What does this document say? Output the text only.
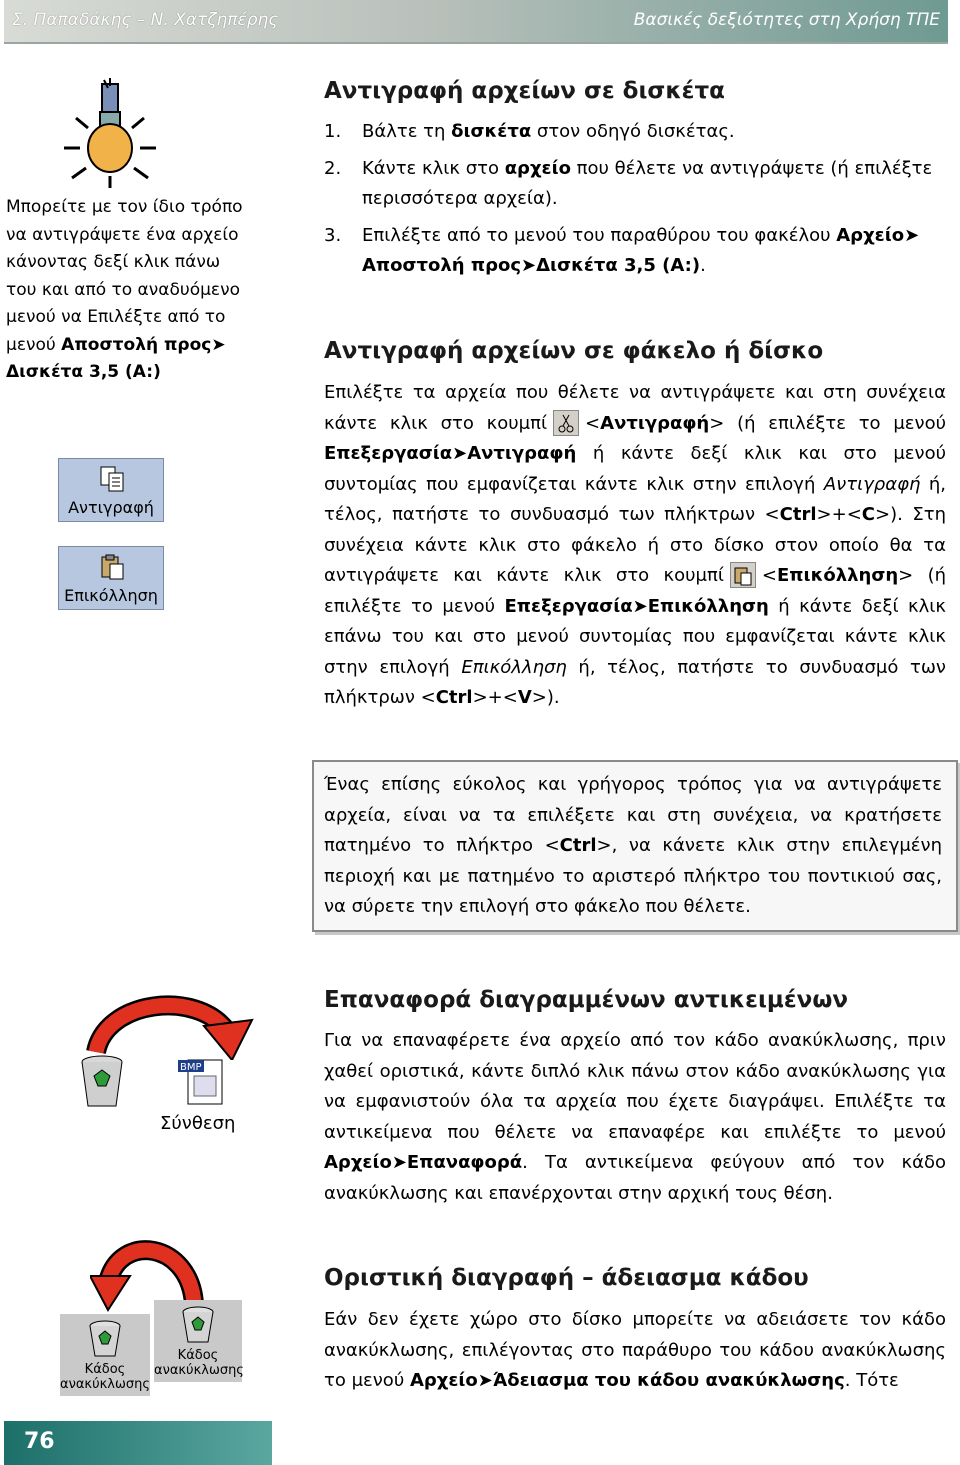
Σ. Παπαδάκης – Ν. Χατζηπέρης	Βασικές δεξιότητες στη Χρήση ΤΠΕ
Μπορείτε με τον ίδιο τρόπο να αντιγράψετε ένα αρχείο κάνοντας δεξί κλικ πάνω του και από το αναδυόμενο μενού να Επιλέξτε από το μενού Αποστολή προς➤ Δισκέτα 3,5 (A:)
Αντιγραφή
Επικόλληση
Αντιγραφή αρχείων σε δισκέτα
1. Βάλτε τη δισκέτα στον οδηγό δισκέτας.
2. Κάντε κλικ στο αρχείο που θέλετε να αντιγράψετε (ή επιλέξτε περισσότερα αρχεία).
3. Επιλέξτε από το μενού του παραθύρου του φακέλου Αρχείο➤ Αποστολή προς➤Δισκέτα 3,5 (A:).
Αντιγραφή αρχείων σε φάκελο ή δίσκο
Επιλέξτε τα αρχεία που θέλετε να αντιγράψετε και στη συνέχεια κάντε κλικ στο κουμπί <Αντιγραφή> (ή επιλέξτε το μενού Επεξεργασία➤Αντιγραφή ή κάντε δεξί κλικ και στο μενού συντομίας που εμφανίζεται κάντε κλικ στην επιλογή Αντιγραφή ή, τέλος, πατήστε το συνδυασμό των πλήκτρων <Ctrl>+<C>). Στη συνέχεια κάντε κλικ στο φάκελο ή στο δίσκο στον οποίο θα τα αντιγράψετε και κάντε κλικ στο κουμπί <Επικόλληση> (ή επιλέξτε το μενού Επεξεργασία➤Επικόλληση ή κάντε δεξί κλικ επάνω του και στο μενού συντομίας που εμφανίζεται κάντε κλικ στην επιλογή Επικόλληση ή, τέλος, πατήστε το συνδυασμό των πλήκτρων <Ctrl>+<V>).
Ένας επίσης εύκολος και γρήγορος τρόπος για να αντιγράψετε αρχεία, είναι να τα επιλέξετε και στη συνέχεια, να κρατήσετε πατημένο το πλήκτρο <Ctrl>, να κάνετε κλικ στην επιλεγμένη περιοχή και με πατημένο το αριστερό πλήκτρο του ποντικιού σας, να σύρετε την επιλογή στο φάκελο που θέλετε.
BMP
Σύνθεση
Επαναφορά διαγραμμένων αντικειμένων
Για να επαναφέρετε ένα αρχείο από τον κάδο ανακύκλωσης, πριν χαθεί οριστικά, κάντε διπλό κλικ πάνω στον κάδο ανακύκλωσης για να εμφανιστούν όλα τα αρχεία που έχετε διαγράψει. Επιλέξτε τα αντικείμενα που θέλετε να επαναφέρε και επιλέξτε το μενού Αρχείο➤Επαναφορά. Τα αντικείμενα φεύγουν από τον κάδο ανακύκλωσης και επανέρχονται στην αρχική τους θέση.
Κάδος ανακύκλωσης
Κάδος ανακύκλωσης
Οριστική διαγραφή – άδειασμα κάδου
Εάν δεν έχετε χώρο στο δίσκο μπορείτε να αδειάσετε τον κάδο ανακύκλωσης, επιλέγοντας στο παράθυρο του κάδου ανακύκλωσης το μενού Αρχείο➤Άδειασμα του κάδου ανακύκλωσης. Τότε
76
